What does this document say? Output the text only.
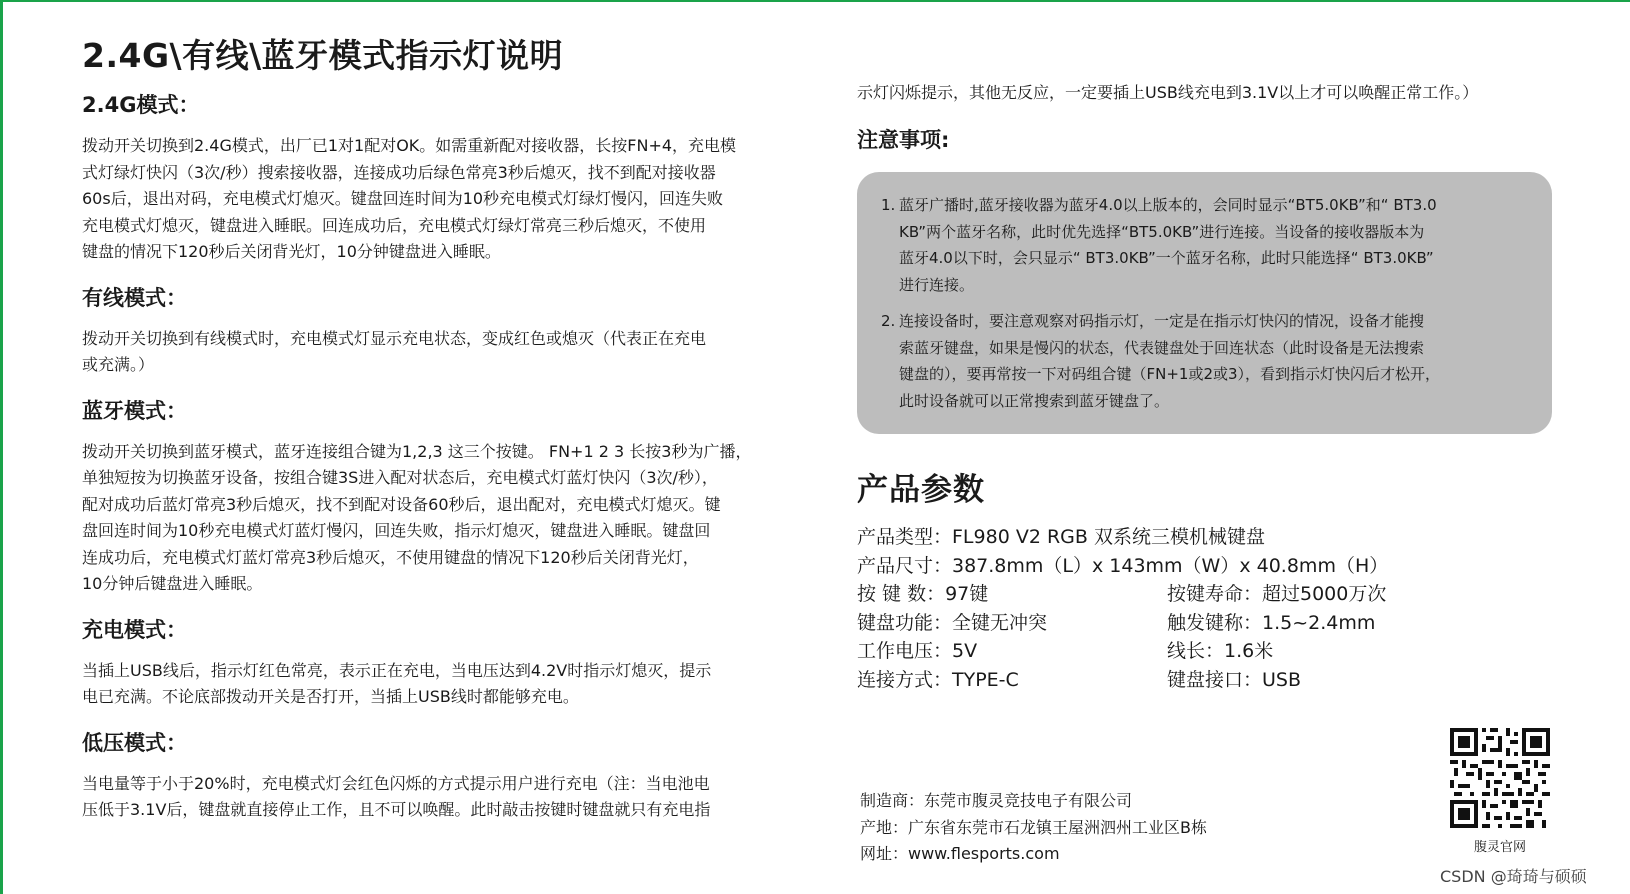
2.4G\有线\蓝牙模式指示灯说明
2.4G模式：
拨动开关切换到2.4G模式，出厂已1对1配对OK。如需重新配对接收器，长按FN+4，充电模
式灯绿灯快闪（3次/秒）搜索接收器，连接成功后绿色常亮3秒后熄灭，找不到配对接收器
60s后，退出对码，充电模式灯熄灭。键盘回连时间为10秒充电模式灯绿灯慢闪，回连失败
充电模式灯熄灭，键盘进入睡眠。回连成功后，充电模式灯绿灯常亮三秒后熄灭，不使用
键盘的情况下120秒后关闭背光灯，10分钟键盘进入睡眠。
有线模式：
拨动开关切换到有线模式时，充电模式灯显示充电状态，变成红色或熄灭（代表正在充电
或充满。）
蓝牙模式：
拨动开关切换到蓝牙模式，蓝牙连接组合键为1,2,3 这三个按键。 FN+1 2 3 长按3秒为广播，
单独短按为切换蓝牙设备，按组合键3S进入配对状态后，充电模式灯蓝灯快闪（3次/秒），
配对成功后蓝灯常亮3秒后熄灭，找不到配对设备60秒后，退出配对，充电模式灯熄灭。键
盘回连时间为10秒充电模式灯蓝灯慢闪，回连失败，指示灯熄灭，键盘进入睡眠。键盘回
连成功后，充电模式灯蓝灯常亮3秒后熄灭，不使用键盘的情况下120秒后关闭背光灯，
10分钟后键盘进入睡眠。
充电模式：
当插上USB线后，指示灯红色常亮，表示正在充电，当电压达到4.2V时指示灯熄灭，提示
电已充满。不论底部拨动开关是否打开，当插上USB线时都能够充电。
低压模式：
当电量等于小于20%时，充电模式灯会红色闪烁的方式提示用户进行充电（注：当电池电
压低于3.1V后，键盘就直接停止工作，且不可以唤醒。此时敲击按键时键盘就只有充电指
示灯闪烁提示，其他无反应，一定要插上USB线充电到3.1V以上才可以唤醒正常工作。）
注意事项:
1. 蓝牙广播时,蓝牙接收器为蓝牙4.0以上版本的，会同时显示“BT5.0KB”和“ BT3.0
KB”两个蓝牙名称，此时优先选择“BT5.0KB”进行连接。当设备的接收器版本为
蓝牙4.0以下时，会只显示“ BT3.0KB”一个蓝牙名称，此时只能选择“ BT3.0KB”
进行连接。
2. 连接设备时，要注意观察对码指示灯，一定是在指示灯快闪的情况，设备才能搜
索蓝牙键盘，如果是慢闪的状态，代表键盘处于回连状态（此时设备是无法搜索
键盘的），要再常按一下对码组合键（FN+1或2或3），看到指示灯快闪后才松开，
此时设备就可以正常搜索到蓝牙键盘了。
产品参数
产品类型：FL980 V2 RGB 双系统三模机械键盘
产品尺寸：387.8mm（L）x 143mm（W）x 40.8mm（H）
按 键 数：97键	按键寿命：超过5000万次
键盘功能：全键无冲突	触发键称：1.5~2.4mm
工作电压：5V	线长：1.6米
连接方式：TYPE-C	键盘接口：USB
制造商：东莞市腹灵竞技电子有限公司
产地：广东省东莞市石龙镇王屋洲泗州工业区B栋
网址：www.flesports.com	腹灵官网
CSDN @琦琦与硕硕
